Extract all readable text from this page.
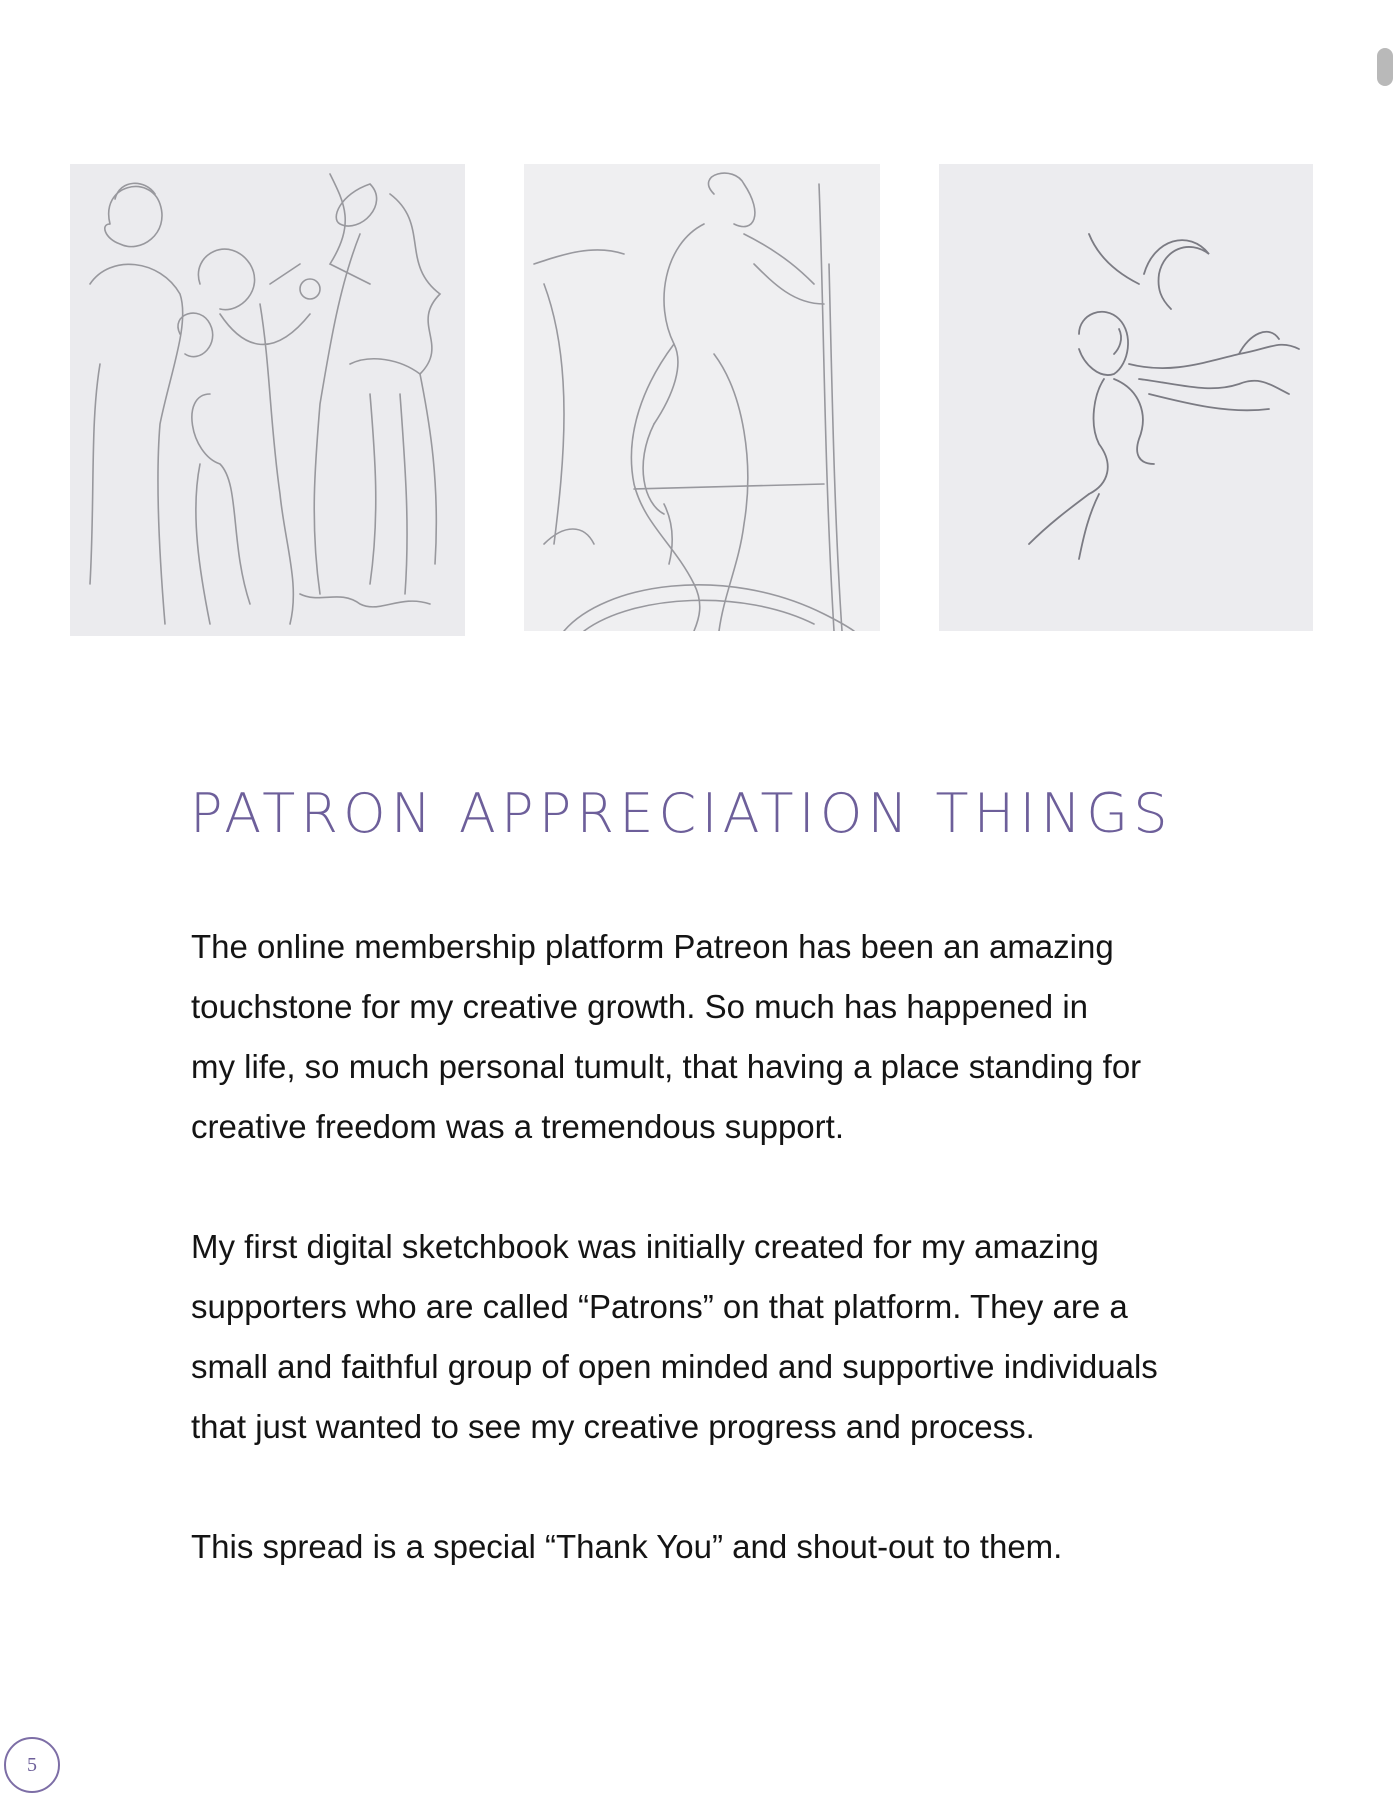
PATRON APPRECIATION THINGS

The online membership platform Patreon has been an amazing
touchstone for my creative growth. So much has happened in
my life, so much personal tumult, that having a place standing for
creative freedom was a tremendous support.

My first digital sketchbook was initially created for my amazing
supporters who are called “Patrons” on that platform. They are a
small and faithful group of open minded and supportive individuals
that just wanted to see my creative progress and process.

This spread is a special “Thank You” and shout-out to them.

5
